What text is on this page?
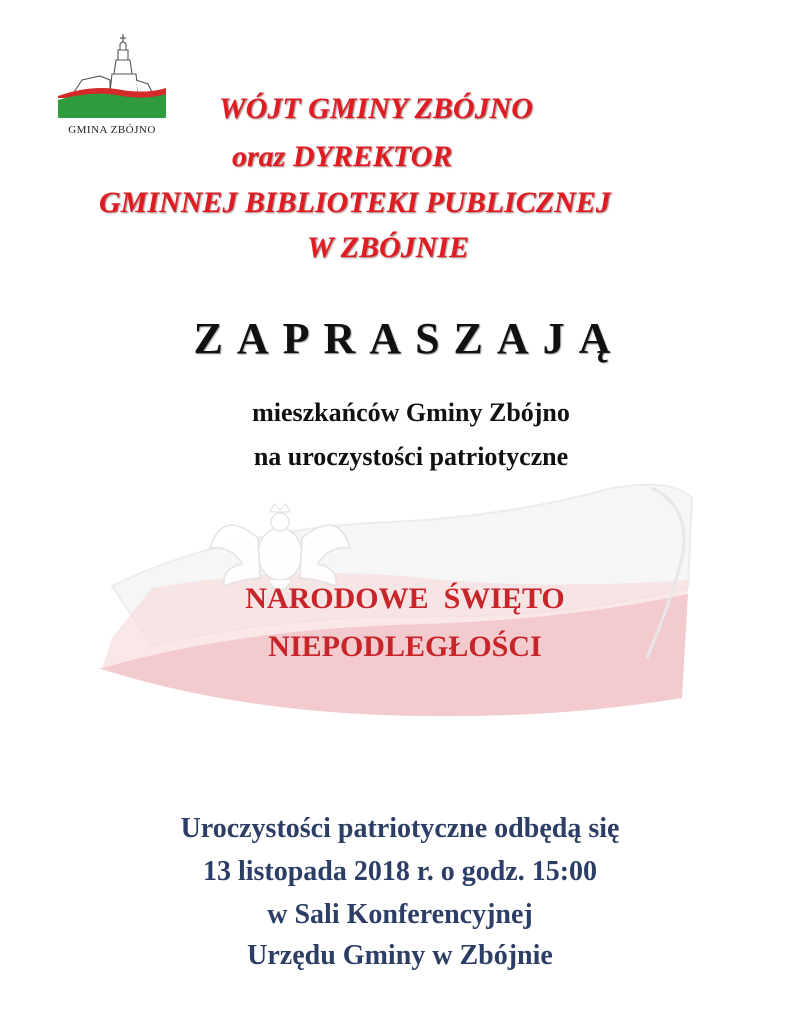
GMINA ZBÓJNO
WÓJT GMINY ZBÓJNO
oraz DYREKTOR
GMINNEJ BIBLIOTEKI PUBLICZNEJ
W ZBÓJNIE
ZAPRASZAJĄ
mieszkańców Gminy Zbójno
na uroczystości patriotyczne
NARODOWE  ŚWIĘTO
NIEPODLEGŁOŚCI
Uroczystości patriotyczne odbędą się
13 listopada 2018 r. o godz. 15:00
w Sali Konferencyjnej
Urzędu Gminy w Zbójnie
